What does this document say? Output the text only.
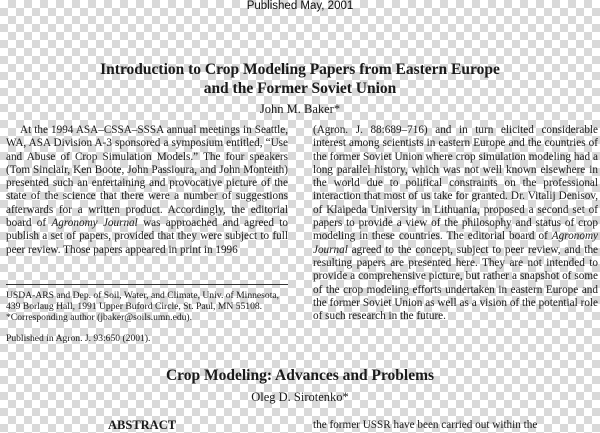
Published May, 2001
Introduction to Crop Modeling Papers from Eastern Europe
and the Former Soviet Union
John M. Baker*

At the 1994 ASA–CSSA–SSSA annual meetings in Seattle, WA, ASA Division A-3 sponsored a symposium entitled, “Use and Abuse of Crop Simulation Models.” The four speakers (Tom Sinclair, Ken Boote, John Passioura, and John Monteith) presented such an entertaining and provocative picture of the state of the science that there were a number of suggestions afterwards for a written product. Accordingly, the editorial board of Agronomy Journal was approached and agreed to publish a set of papers, provided that they were subject to full peer review. Those papers appeared in print in 1996

USDA-ARS and Dep. of Soil, Water, and Climate, Univ. of Minnesota, 439 Borlaug Hall, 1991 Upper Buford Circle, St. Paul, MN 55108.
*Corresponding author (jbaker@soils.umn.edu).

Published in Agron. J. 93:650 (2001).

(Agron. J. 88:689–716) and in turn elicited considerable interest among scientists in eastern Europe and the countries of the former Soviet Union where crop simulation modeling had a long parallel history, which was not well known elsewhere in the world due to political constraints on the professional interaction that most of us take for granted. Dr. Vitalij Denisov, of Klaipeda University in Lithuania, proposed a second set of papers to provide a view of the philosophy and status of crop modeling in these countries. The editorial board of Agronomy Journal agreed to the concept, subject to peer review, and the resulting papers are presented here. They are not intended to provide a comprehensive picture, but rather a snapshot of some of the crop modeling efforts undertaken in eastern Europe and the former Soviet Union as well as a vision of the potential role of such research in the future.

Crop Modeling: Advances and Problems
Oleg D. Sirotenko*
ABSTRACT	the former USSR have been carried out within the
